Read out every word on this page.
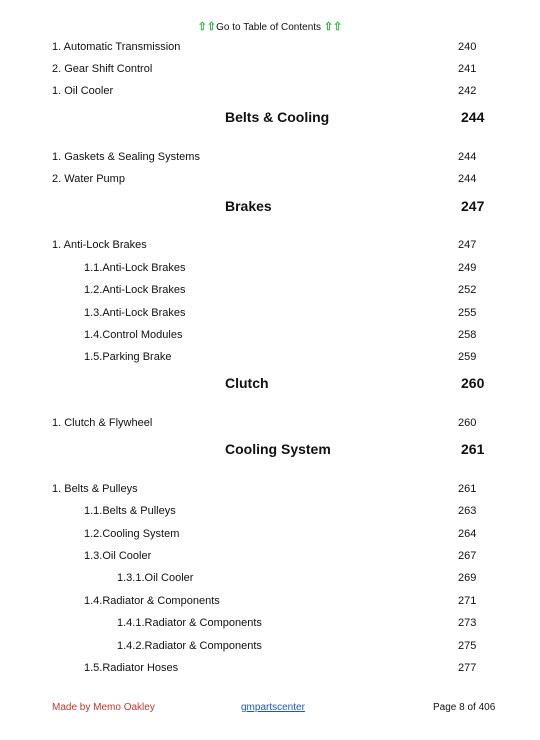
⇧⇧Go to Table of Contents ⇧⇧
1. Automatic Transmission	240
2. Gear Shift Control	241
1. Oil Cooler	242
Belts & Cooling	244
1. Gaskets & Sealing Systems	244
2. Water Pump	244
Brakes	247
1. Anti-Lock Brakes	247
1.1.Anti-Lock Brakes	249
1.2.Anti-Lock Brakes	252
1.3.Anti-Lock Brakes	255
1.4.Control Modules	258
1.5.Parking Brake	259
Clutch	260
1. Clutch & Flywheel	260
Cooling System	261
1. Belts & Pulleys	261
1.1.Belts & Pulleys	263
1.2.Cooling System	264
1.3.Oil Cooler	267
1.3.1.Oil Cooler	269
1.4.Radiator & Components	271
1.4.1.Radiator & Components	273
1.4.2.Radiator & Components	275
1.5.Radiator Hoses	277
Made by Memo Oakley	gmpartscenter	Page 8 of 406
